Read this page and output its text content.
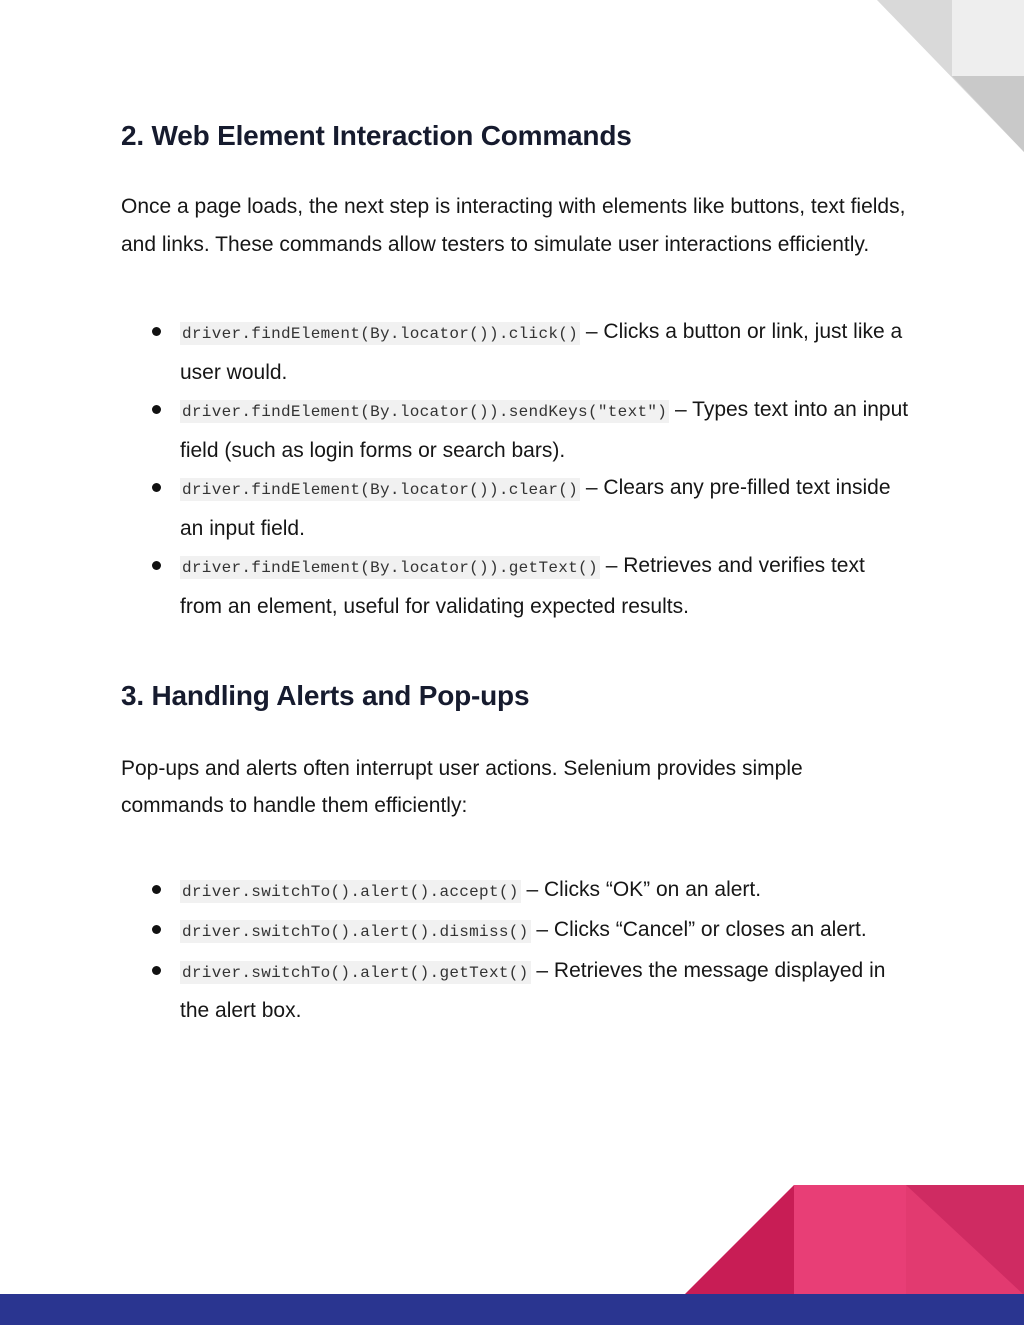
2. Web Element Interaction Commands

Once a page loads, the next step is interacting with elements like buttons, text fields, and links. These commands allow testers to simulate user interactions efficiently.

driver.findElement(By.locator()).click() – Clicks a button or link, just like a user would.
driver.findElement(By.locator()).sendKeys("text") – Types text into an input field (such as login forms or search bars).
driver.findElement(By.locator()).clear() – Clears any pre-filled text inside an input field.
driver.findElement(By.locator()).getText() – Retrieves and verifies text from an element, useful for validating expected results.
3. Handling Alerts and Pop-ups

Pop-ups and alerts often interrupt user actions. Selenium provides simple commands to handle them efficiently:

driver.switchTo().alert().accept() – Clicks “OK” on an alert.
driver.switchTo().alert().dismiss() – Clicks “Cancel” or closes an alert.
driver.switchTo().alert().getText() – Retrieves the message displayed in the alert box.
